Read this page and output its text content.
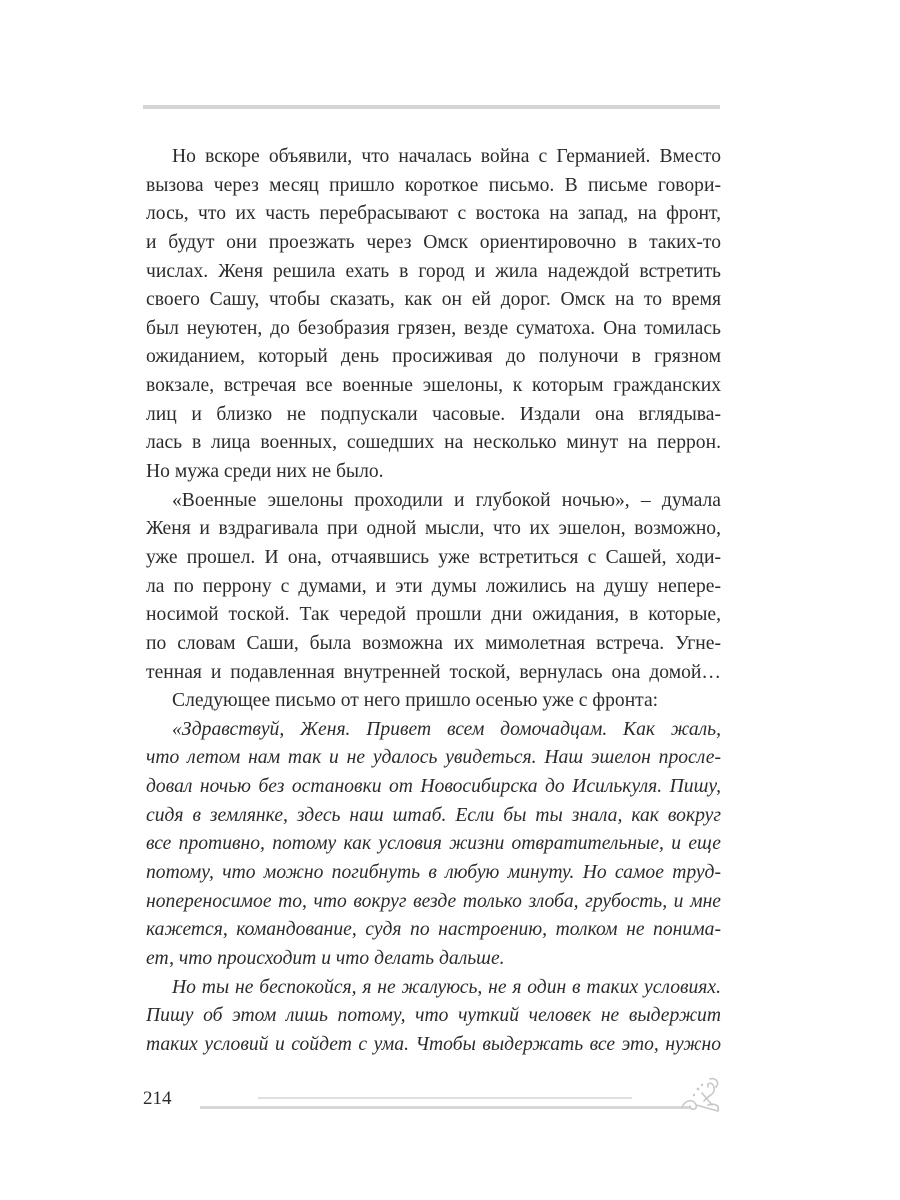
Но вскоре объявили, что началась война с Германией. Вместо
вызова через месяц пришло короткое письмо. В письме говори-
лось, что их часть перебрасывают с востока на запад, на фронт,
и будут они проезжать через Омск ориентировочно в таких-то
числах. Женя решила ехать в город и жила надеждой встретить
своего Сашу, чтобы сказать, как он ей дорог. Омск на то время
был неуютен, до безобразия грязен, везде суматоха. Она томилась
ожиданием, который день просиживая до полуночи в грязном
вокзале, встречая все военные эшелоны, к которым гражданских
лиц и близко не подпускали часовые. Издали она вглядыва-
лась в лица военных, сошедших на несколько минут на перрон.
Но мужа среди них не было.
«Военные эшелоны проходили и глубокой ночью», – думала
Женя и вздрагивала при одной мысли, что их эшелон, возможно,
уже прошел. И она, отчаявшись уже встретиться с Сашей, ходи-
ла по перрону с думами, и эти думы ложились на душу непере-
носимой тоской. Так чередой прошли дни ожидания, в которые,
по словам Саши, была возможна их мимолетная встреча. Угне-
тенная и подавленная внутренней тоской, вернулась она домой…
Следующее письмо от него пришло осенью уже с фронта:
«Здравствуй, Женя. Привет всем домочадцам. Как жаль,
что летом нам так и не удалось увидеться. Наш эшелон просле-
довал ночью без остановки от Новосибирска до Исилькуля. Пишу,
сидя в землянке, здесь наш штаб. Если бы ты знала, как вокруг
все противно, потому как условия жизни отвратительные, и еще
потому, что можно погибнуть в любую минуту. Но самое труд-
нопереносимое то, что вокруг везде только злоба, грубость, и мне
кажется, командование, судя по настроению, толком не понима-
ет, что происходит и что делать дальше.
Но ты не беспокойся, я не жалуюсь, не я один в таких условиях.
Пишу об этом лишь потому, что чуткий человек не выдержит
таких условий и сойдет с ума. Чтобы выдержать все это, нужно
214
